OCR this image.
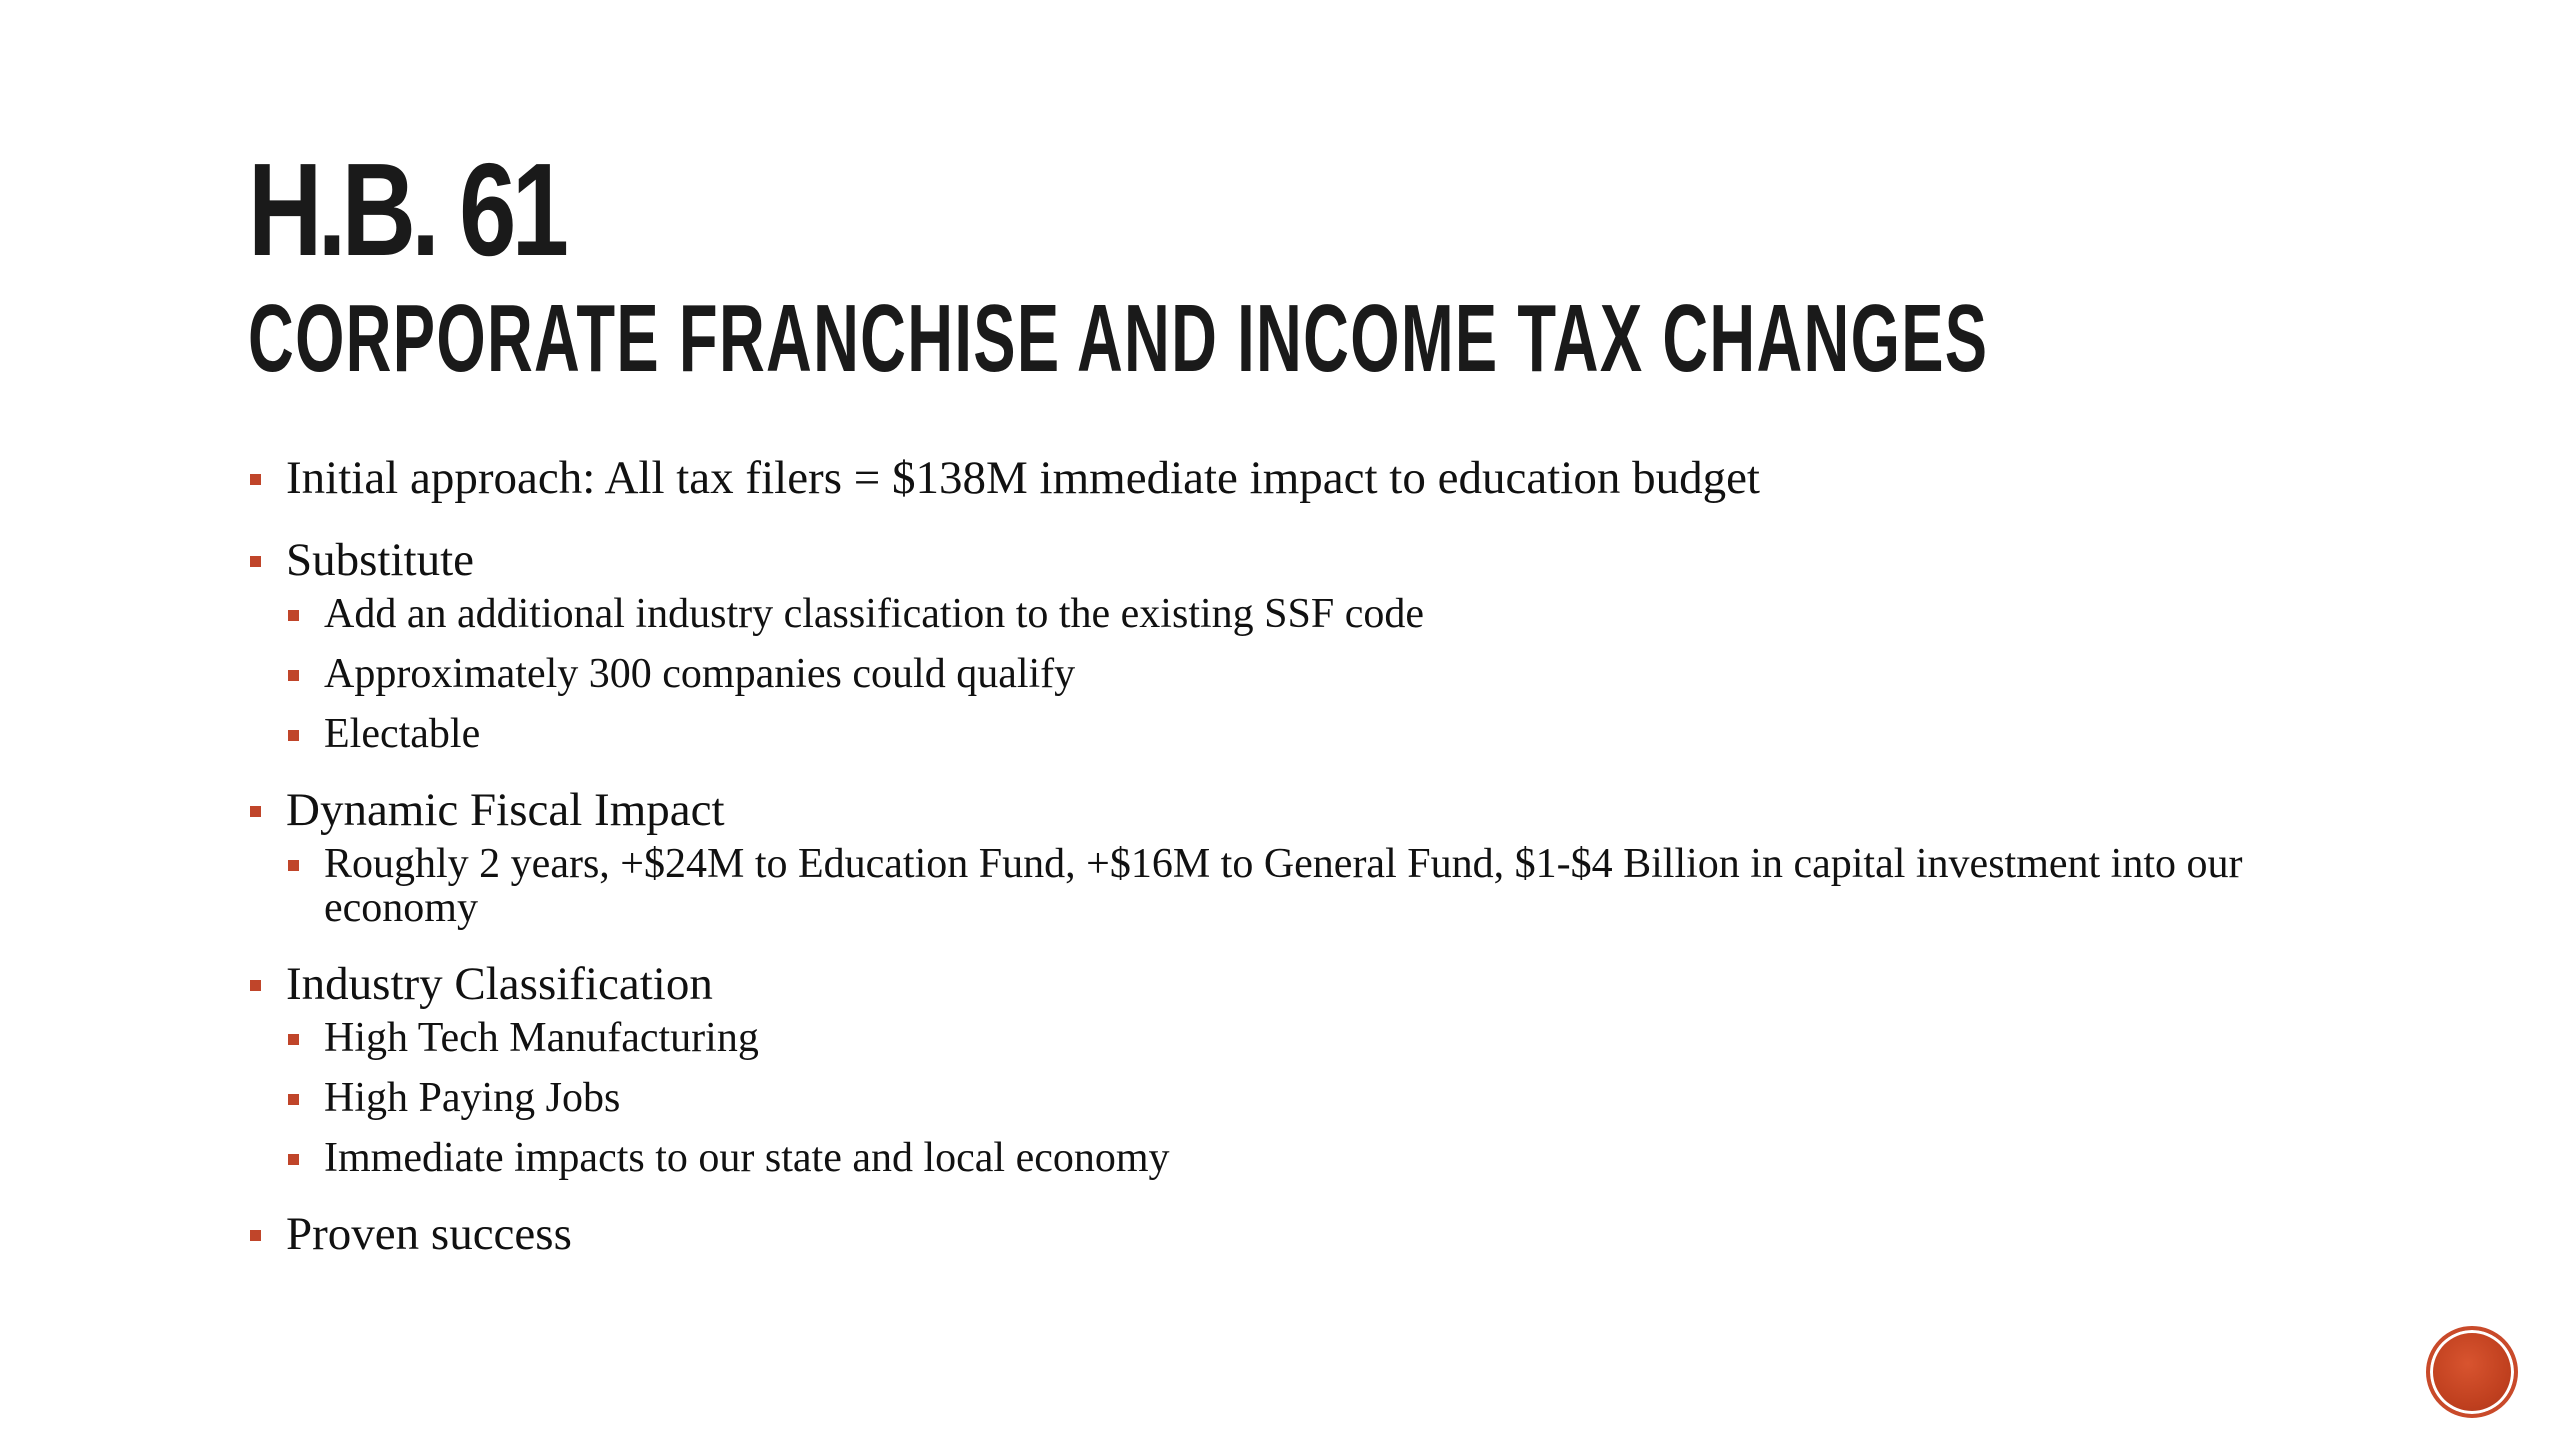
H.B. 61
CORPORATE FRANCHISE AND INCOME TAX CHANGES
Initial approach: All tax filers = $138M immediate impact to education budget
Substitute
Add an additional industry classification to the existing SSF code
Approximately 300 companies could qualify
Electable
Dynamic Fiscal Impact
Roughly 2 years, +$24M to Education Fund, +$16M to General Fund, $1-$4 Billion in capital investment into our economy
Industry Classification
High Tech Manufacturing
High Paying Jobs
Immediate impacts to our state and local economy
Proven success
